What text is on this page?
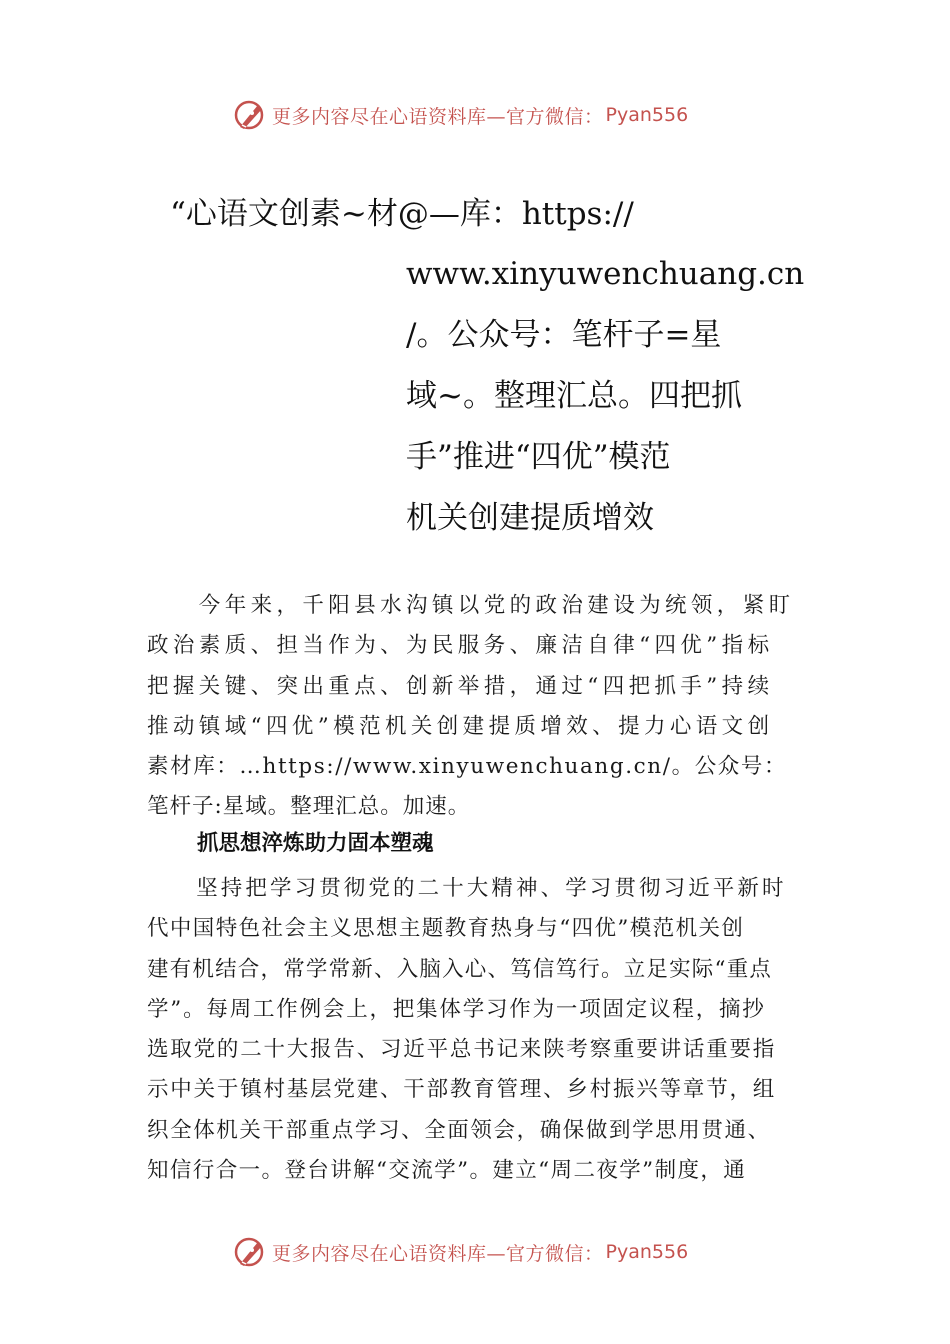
更多内容尽在心语资料库—官方微信： Pyan556
“心语文创素~材@—库：https://
www.xinyuwenchuang.cn
/。公众号：笔杆子=星
域~。整理汇总。四把抓
手”推进“四优”模范
机关创建提质增效
　　今年来，千阳县水沟镇以党的政治建设为统领，紧盯
政治素质、担当作为、为民服务、廉洁自律“四优”指标
把握关键、突出重点、创新举措，通过“四把抓手”持续
推动镇域“四优”模范机关创建提质增效、提力心语文创
素材库：…https://www.xinyuwenchuang.cn/。公众号：
笔杆子:星域。整理汇总。加速。
抓思想淬炼助力固本塑魂
　　坚持把学习贯彻党的二十大精神、学习贯彻习近平新时
代中国特色社会主义思想主题教育热身与“四优”模范机关创
建有机结合，常学常新、入脑入心、笃信笃行。立足实际“重点
学”。每周工作例会上，把集体学习作为一项固定议程，摘抄
选取党的二十大报告、习近平总书记来陕考察重要讲话重要指
示中关于镇村基层党建、干部教育管理、乡村振兴等章节，组
织全体机关干部重点学习、全面领会，确保做到学思用贯通、
知信行合一。登台讲解“交流学”。建立“周二夜学”制度，通
更多内容尽在心语资料库—官方微信： Pyan556
